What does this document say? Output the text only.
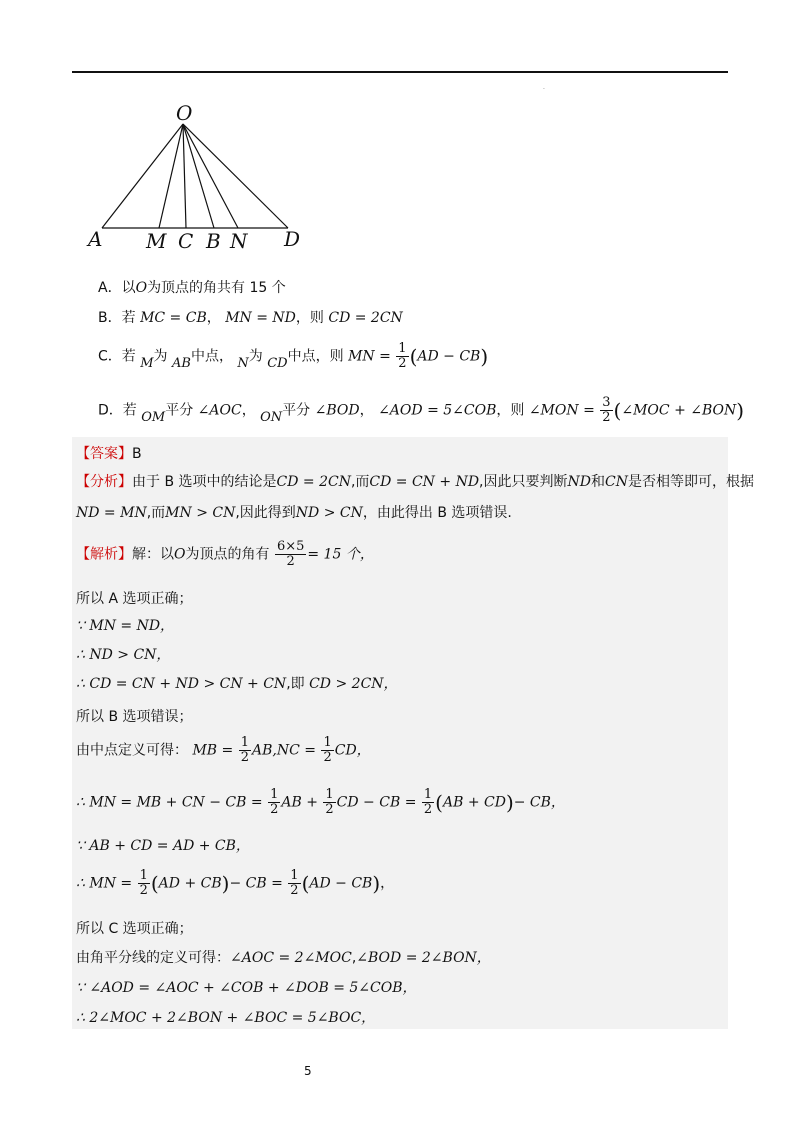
·
O
A M C B N D
A．以O为顶点的角共有 15 个
B．若 MC = CB， MN = ND，则 CD = 2CN
C．若 M为 AB中点， N为 CD中点，则 MN = $\frac{1}{2} (AD - CB)$
D．若 OM平分 ∠AOC， ON平分 ∠BOD， ∠AOD = 5∠COB，则 ∠MON = $\frac{3}{2}$ (∠MOC + ∠BON)
【答案】B
【分析】由于 B 选项中的结论是CD = 2CN,而CD = CN + ND,因此只要判断ND和CN是否相等即可，根据
ND = MN,而MN > CN,因此得到ND > CN，由此得出 B 选项错误.
【解析】解：以O为顶点的角有 $\frac{6\times 5}{2} = 15$ 个，
所以 A 选项正确；
∵ MN = ND，
∴ ND > CN，
∴ CD = CN + ND > CN + CN,即 CD > 2CN，
所以 B 选项错误；
由中点定义可得： MB = $\frac{1}{2} AB,NC = \frac{1}{2}$ CD，
∴ MN = MB + CN − CB = $\frac{1}{2}$ AB + $\frac{1}{2}$ CD − CB = $\frac{1}{2} (AB + CD)-$ CB，
∵ AB + CD = AD + CB，
∴ MN = $\frac{1}{2} (AD + CB)-$ CB = $\frac{1}{2} (AD - CB)$，
所以 C 选项正确；
由角平分线的定义可得：∠AOC = 2∠MOC,∠BOD = 2∠BON，
∵ ∠AOD = ∠AOC + ∠COB + ∠DOB = 5∠COB，
∴ 2∠MOC + 2∠BON + ∠BOC = 5∠BOC，
5
